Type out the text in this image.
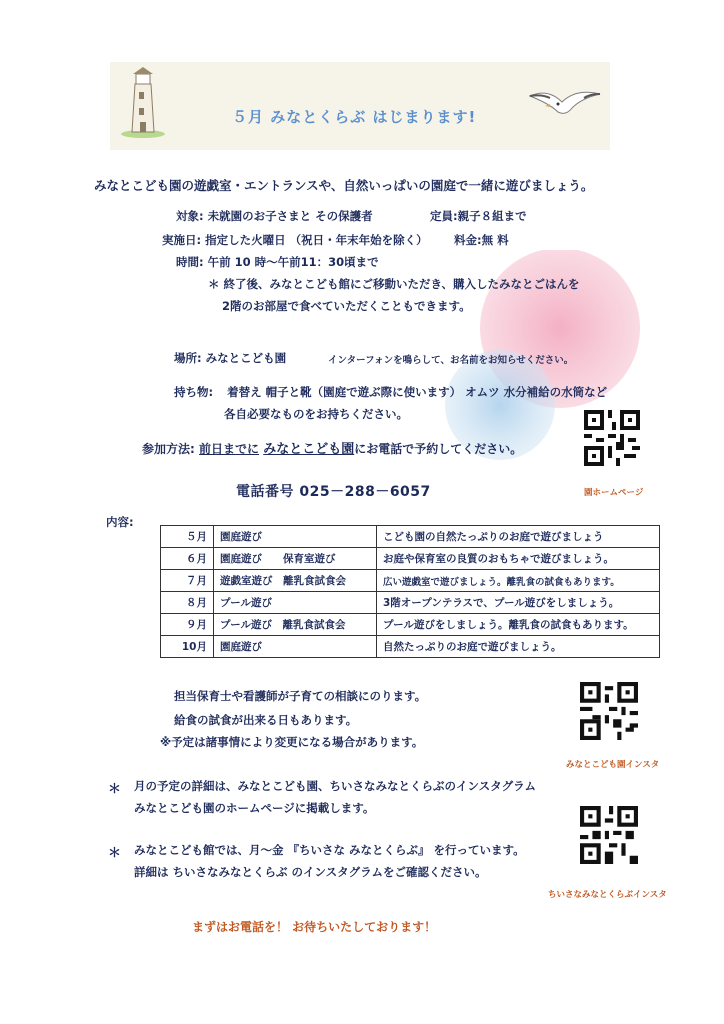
５月 みなとくらぶ はじまります!
みなとこども園の遊戯室・エントランスや、自然いっぱいの園庭で一緒に遊びましょう。
対象: 未就園のお子さまと その保護者	定員:親子８組まで
実施日: 指定した火曜日 （祝日・年末年始を除く） 料金:無 料
時間: 午前 10 時～午前11：30頃まで
＊ 終了後、みなとこども館にご移動いただき、購入したみなとごはんを
2階のお部屋で食べていただくこともできます。
場所: みなとこども園	インターフォンを鳴らして、お名前をお知らせください。
持ち物: 着替え 帽子と靴（園庭で遊ぶ際に使います） オムツ 水分補給の水筒など
各自必要なものをお持ちください。
参加方法: 前日までに みなとこども園にお電話で予約してください。
電話番号 025－288－6057	園ホームページ
みなとこども園インスタ
ちいさなみなとくらぶインスタ
内容:
５月	園庭遊び	こども園の自然たっぷりのお庭で遊びましょう
６月	園庭遊び　　保育室遊び	お庭や保育室の良質のおもちゃで遊びましょう。
７月	遊戯室遊び　離乳食試食会	広い遊戯室で遊びましょう。離乳食の試食もあります。
８月	プール遊び	3階オープンテラスで、プール遊びをしましょう。
９月	プール遊び　離乳食試食会	プール遊びをしましょう。離乳食の試食もあります。
10月	園庭遊び	自然たっぷりのお庭で遊びましょう。
担当保育士や看護師が子育ての相談にのります。
給食の試食が出来る日もあります。
※予定は諸事情により変更になる場合があります。
＊ 月の予定の詳細は、みなとこども園、ちいさなみなとくらぶのインスタグラム
みなとこども園のホームページに掲載します。
＊ みなとこども館では、月～金 『ちいさな みなとくらぶ』 を行っています。
詳細は ちいさなみなとくらぶ のインスタグラムをご確認ください。
まずはお電話を！ お待ちいたしております！
